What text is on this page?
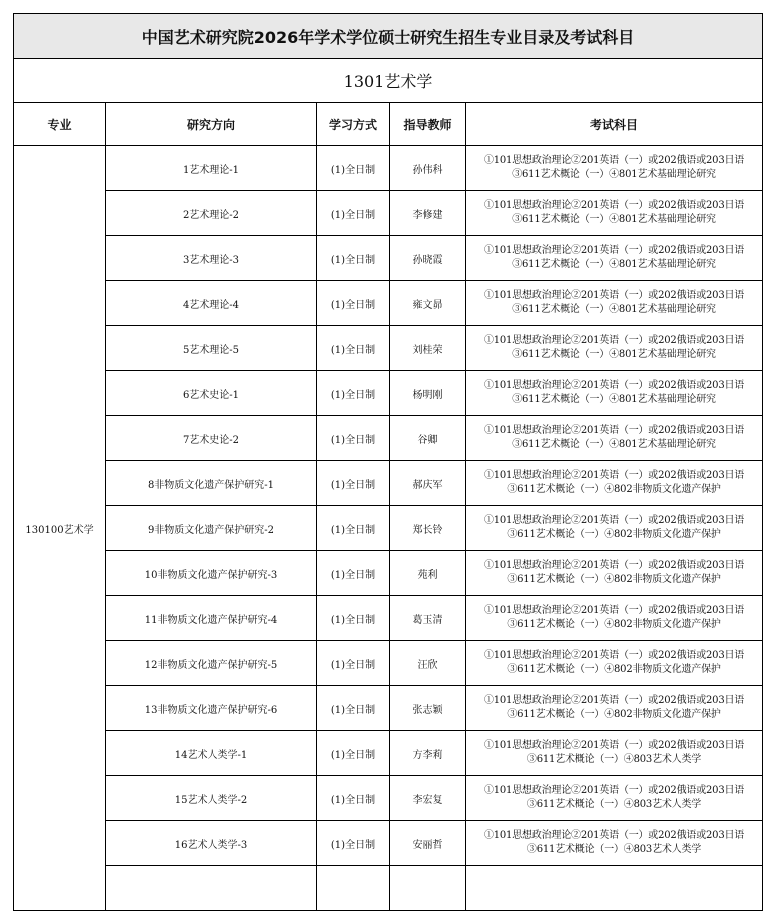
中国艺术研究院2026年学术学位硕士研究生招生专业目录及考试科目				
1301艺术学				
专业	研究方向	学习方式	指导教师	考试科目
130100艺术学	1艺术理论-1	(1)全日制	孙伟科	①101思想政治理论②201英语（一）或202俄语或203日语
③611艺术概论（一）④801艺术基础理论研究

	2艺术理论-2	(1)全日制	李修建	①101思想政治理论②201英语（一）或202俄语或203日语
③611艺术概论（一）④801艺术基础理论研究

	3艺术理论-3	(1)全日制	孙晓霞	①101思想政治理论②201英语（一）或202俄语或203日语
③611艺术概论（一）④801艺术基础理论研究

	4艺术理论-4	(1)全日制	雍文昴	①101思想政治理论②201英语（一）或202俄语或203日语
③611艺术概论（一）④801艺术基础理论研究

	5艺术理论-5	(1)全日制	刘桂荣	①101思想政治理论②201英语（一）或202俄语或203日语
③611艺术概论（一）④801艺术基础理论研究

	6艺术史论-1	(1)全日制	杨明刚	①101思想政治理论②201英语（一）或202俄语或203日语
③611艺术概论（一）④801艺术基础理论研究

	7艺术史论-2	(1)全日制	谷卿	①101思想政治理论②201英语（一）或202俄语或203日语
③611艺术概论（一）④801艺术基础理论研究

	8非物质文化遗产保护研究-1	(1)全日制	郝庆军	①101思想政治理论②201英语（一）或202俄语或203日语
③611艺术概论（一）④802非物质文化遗产保护

	9非物质文化遗产保护研究-2	(1)全日制	郑长铃	①101思想政治理论②201英语（一）或202俄语或203日语
③611艺术概论（一）④802非物质文化遗产保护

	10非物质文化遗产保护研究-3	(1)全日制	苑利	①101思想政治理论②201英语（一）或202俄语或203日语
③611艺术概论（一）④802非物质文化遗产保护

	11非物质文化遗产保护研究-4	(1)全日制	葛玉清	①101思想政治理论②201英语（一）或202俄语或203日语
③611艺术概论（一）④802非物质文化遗产保护

	12非物质文化遗产保护研究-5	(1)全日制	汪欣	①101思想政治理论②201英语（一）或202俄语或203日语
③611艺术概论（一）④802非物质文化遗产保护

	13非物质文化遗产保护研究-6	(1)全日制	张志颖	①101思想政治理论②201英语（一）或202俄语或203日语
③611艺术概论（一）④802非物质文化遗产保护

	14艺术人类学-1	(1)全日制	方李莉	①101思想政治理论②201英语（一）或202俄语或203日语
③611艺术概论（一）④803艺术人类学

	15艺术人类学-2	(1)全日制	李宏复	①101思想政治理论②201英语（一）或202俄语或203日语
③611艺术概论（一）④803艺术人类学

	16艺术人类学-3	(1)全日制	安丽哲	①101思想政治理论②201英语（一）或202俄语或203日语
③611艺术概论（一）④803艺术人类学
